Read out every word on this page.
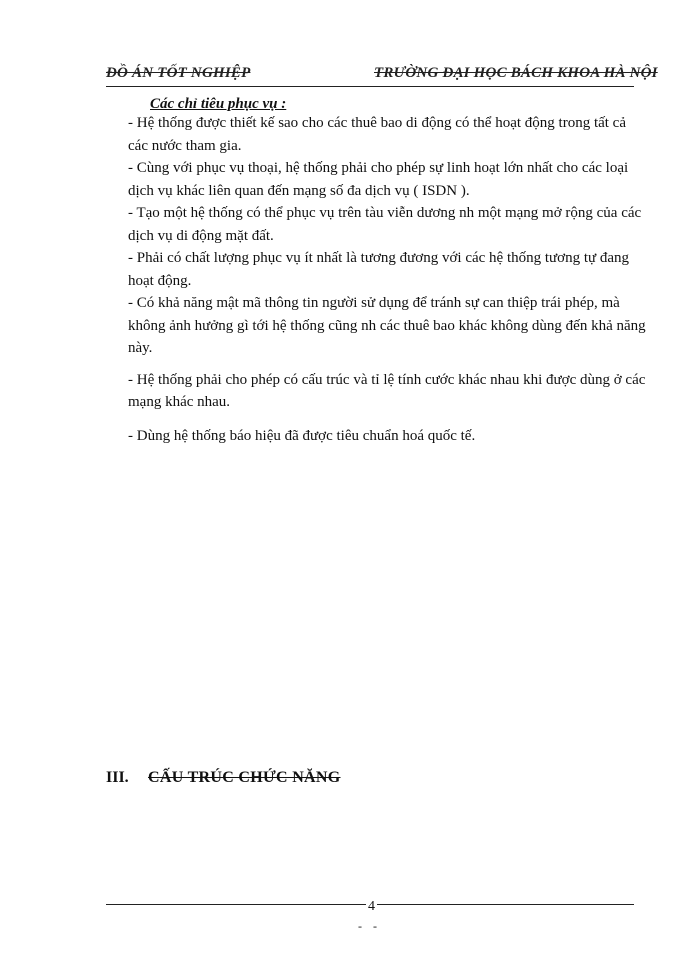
ĐỒ ÁN TỐT NGHIỆP	TRƯỜNG ĐẠI HỌC BÁCH KHOA HÀ NỘI
Các chỉ tiêu phục vụ :

- Hệ thống được thiết kế sao cho các thuê bao di động có thể hoạt động trong tất cả các nước tham gia.

- Cùng với phục vụ thoại, hệ thống phải cho phép sự linh hoạt lớn nhất cho các loại dịch vụ khác liên quan đến mạng số đa dịch vụ ( ISDN ).

- Tạo một hệ thống có thể phục vụ trên tàu viễn dương nh một mạng mở rộng của các dịch vụ di động mặt đất.

- Phải có chất lượng phục vụ ít nhất là tương đương với các hệ thống tương tự đang hoạt động.

- Có khả năng mật mã thông tin người sử dụng để tránh sự can thiệp trái phép, mà không ảnh hưởng gì tới hệ thống cũng nh các thuê bao khác không dùng đến khả năng này.

- Hệ thống phải cho phép có cấu trúc và tỉ lệ tính cước khác nhau khi được dùng ở các mạng khác nhau.

- Dùng hệ thống báo hiệu đã được tiêu chuẩn hoá quốc tế.

III. CẤU TRÚC CHỨC NĂNG
4
- -
